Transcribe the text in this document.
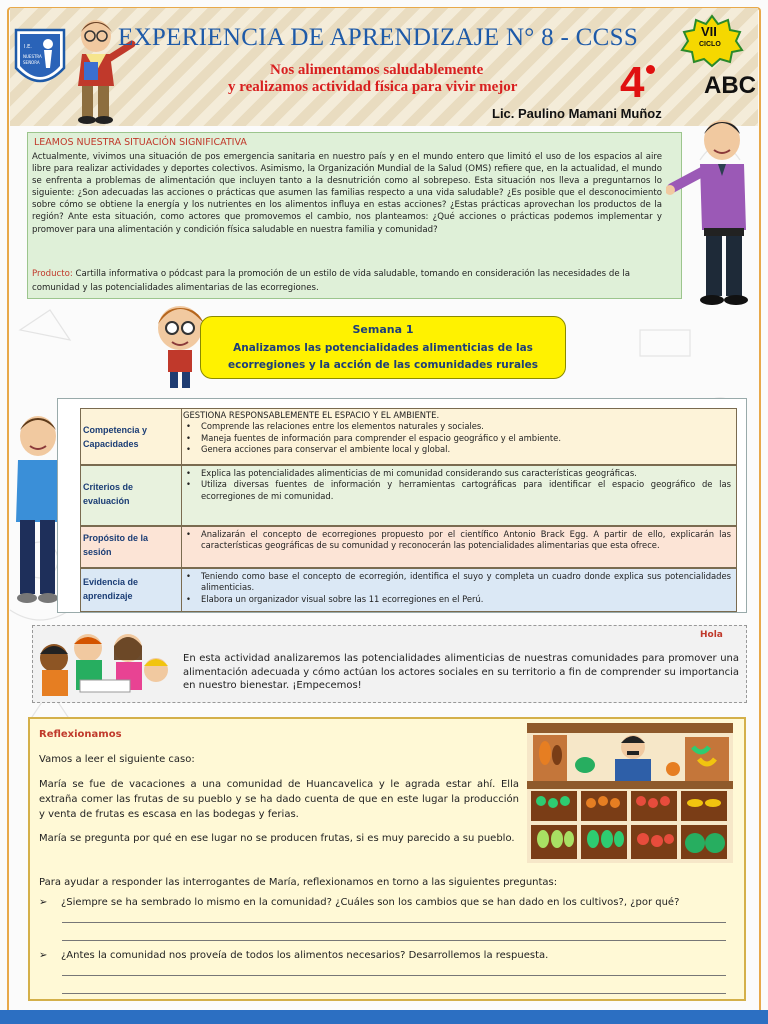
I.E.
NUESTRA
SEÑORA
EXPERIENCIA DE APRENDIZAJE N° 8 - CCSS
Nos alimentamos saludablemente
y realizamos actividad física para vivir mejor
Lic. Paulino Mamani Muñoz
4 ABC
VII
CICLO
LEAMOS NUESTRA SITUACIÓN SIGNIFICATIVA
Actualmente, vivimos una situación de pos emergencia sanitaria en nuestro país y en el mundo entero que limitó el uso de los espacios al aire libre para realizar actividades y deportes colectivos. Asimismo, la Organización Mundial de la Salud (OMS) refiere que, en la actualidad, el mundo se enfrenta a problemas de alimentación que incluyen tanto a la desnutrición como al sobrepeso. Esta situación nos lleva a preguntarnos lo siguiente: ¿Son adecuadas las acciones o prácticas que asumen las familias respecto a una vida saludable? ¿Es posible que el desconocimiento sobre cómo se obtiene la energía y los nutrientes en los alimentos influya en estas acciones? ¿Estas prácticas aprovechan los productos de la región? Ante esta situación, como actores que promovemos el cambio, nos planteamos: ¿Qué acciones o prácticas podemos implementar y promover para una alimentación y condición física saludable en nuestra familia y comunidad?
Producto: Cartilla informativa o pódcast para la promoción de un estilo de vida saludable, tomando en consideración las necesidades de la comunidad y las potencialidades alimentarias de las ecorregiones.
Semana 1
Analizamos las potencialidades alimenticias de las
ecorregiones y la acción de las comunidades rurales
Competencia y Capacidades
GESTIONA RESPONSABLEMENTE EL ESPACIO Y EL AMBIENTE.
• Comprende las relaciones entre los elementos naturales y sociales.
• Maneja fuentes de información para comprender el espacio geográfico y el ambiente.
• Genera acciones para conservar el ambiente local y global.
Criterios de evaluación
• Explica las potencialidades alimenticias de mi comunidad considerando sus características geográficas.
• Utiliza diversas fuentes de información y herramientas cartográficas para identificar el espacio geográfico de las ecorregiones de mi comunidad.
Propósito de la sesión
• Analizarán el concepto de ecorregiones propuesto por el científico Antonio Brack Egg. A partir de ello, explicarán las características geográficas de su comunidad y reconocerán las potencialidades alimentarias que esta ofrece.
Evidencia de aprendizaje
• Teniendo como base el concepto de ecorregión, identifica el suyo y completa un cuadro donde explica sus potencialidades alimenticias.
• Elabora un organizador visual sobre las 11 ecorregiones en el Perú.
Hola
En esta actividad analizaremos las potencialidades alimenticias de nuestras comunidades para promover una alimentación adecuada y cómo actúan los actores sociales en su territorio a fin de comprender su importancia en nuestro bienestar. ¡Empecemos!
Reflexionamos
Vamos a leer el siguiente caso:
María se fue de vacaciones a una comunidad de Huancavelica y le agrada estar ahí. Ella extraña comer las frutas de su pueblo y se ha dado cuenta de que en este lugar la producción y venta de frutas es escasa en las bodegas y ferias.
María se pregunta por qué en ese lugar no se producen frutas, si es muy parecido a su pueblo.
Para ayudar a responder las interrogantes de María, reflexionamos en torno a las siguientes preguntas:
➢ ¿Siempre se ha sembrado lo mismo en la comunidad? ¿Cuáles son los cambios que se han dado en los cultivos?, ¿por qué?
➢ ¿Antes la comunidad nos proveía de todos los alimentos necesarios? Desarrollemos la respuesta.
